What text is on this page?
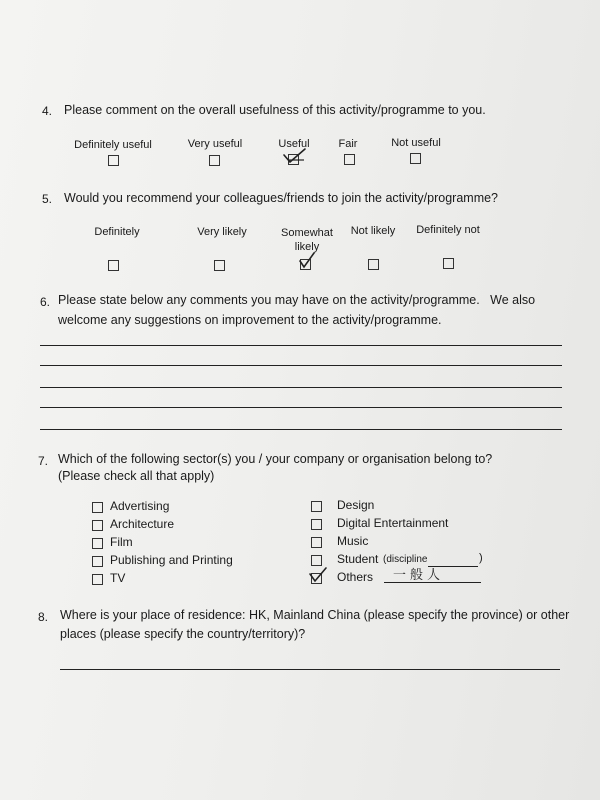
4. Please comment on the overall usefulness of this activity/programme to you.
Definitely useful	Very useful	Useful	Fair	Not useful
5. Would you recommend your colleagues/friends to join the activity/programme?
Definitely	Very likely	Somewhat likely
Not likely	Definitely not
6. Please state below any comments you may have on the activity/programme.   We also
welcome any suggestions on improvement to the activity/programme.
7. Which of the following sector(s) you / your company or organisation belong to?
(Please check all that apply)
Advertising
Architecture
Film
Publishing and Printing
TV
Design
Digital Entertainment
Music
Student (discipline	)
Others 一般人
8. Where is your place of residence: HK, Mainland China (please specify the province) or other
places (please specify the country/territory)?
